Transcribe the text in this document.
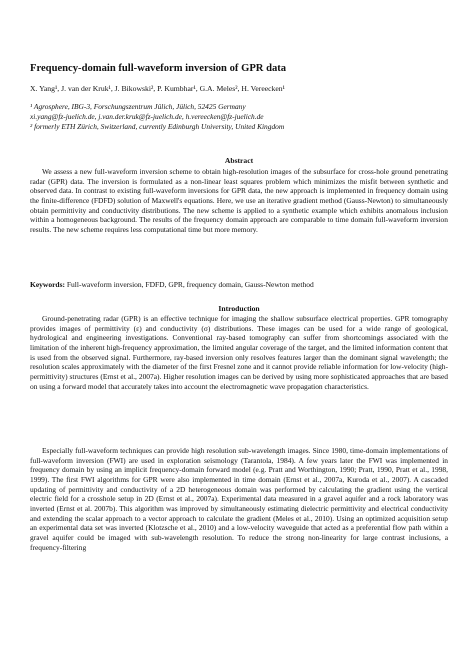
Frequency-domain full-waveform inversion of GPR data
X. Yang¹, J. van der Kruk¹, J. Bikowski², P. Kumbhar¹, G.A. Meles², H. Vereecken¹
¹ Agrosphere, IBG-3, Forschungszentrum Jülich, Jülich, 52425 Germany
xi.yang@fz-juelich.de, j.van.der.kruk@fz-juelich.de, h.vereecken@fz-juelich.de
² formerly ETH Zürich, Switzerland, currently Edinburgh University, United Kingdom
Abstract
We assess a new full-waveform inversion scheme to obtain high-resolution images of the subsurface for cross-hole ground penetrating radar (GPR) data. The inversion is formulated as a non-linear least squares problem which minimizes the misfit between synthetic and observed data. In contrast to existing full-waveform inversions for GPR data, the new approach is implemented in frequency domain using the finite-difference (FDFD) solution of Maxwell's equations. Here, we use an iterative gradient method (Gauss-Newton) to simultaneously obtain permittivity and conductivity distributions. The new scheme is applied to a synthetic example which exhibits anomalous inclusion within a homogeneous background. The results of the frequency domain approach are comparable to time domain full-waveform inversion results. The new scheme requires less computational time but more memory.
Keywords: Full-waveform inversion, FDFD, GPR, frequency domain, Gauss-Newton method
Introduction
Ground-penetrating radar (GPR) is an effective technique for imaging the shallow subsurface electrical properties. GPR tomography provides images of permittivity (ε) and conductivity (σ) distributions. These images can be used for a wide range of geological, hydrological and engineering investigations. Conventional ray-based tomography can suffer from shortcomings associated with the limitation of the inherent high-frequency approximation, the limited angular coverage of the target, and the limited information content that is used from the observed signal. Furthermore, ray-based inversion only resolves features larger than the dominant signal wavelength; the resolution scales approximately with the diameter of the first Fresnel zone and it cannot provide reliable information for low-velocity (high-permittivity) structures (Ernst et al., 2007a). Higher resolution images can be derived by using more sophisticated approaches that are based on using a forward model that accurately takes into account the electromagnetic wave propagation characteristics.
Especially full-waveform techniques can provide high resolution sub-wavelength images. Since 1980, time-domain implementations of full-waveform inversion (FWI) are used in exploration seismology (Tarantola, 1984). A few years later the FWI was implemented in frequency domain by using an implicit frequency-domain forward model (e.g. Pratt and Worthington, 1990; Pratt, 1990, Pratt et al., 1998, 1999). The first FWI algorithms for GPR were also implemented in time domain (Ernst et al., 2007a, Kuroda et al., 2007). A cascaded updating of permittivity and conductivity of a 2D heterogeneous domain was performed by calculating the gradient using the vertical electric field for a crosshole setup in 2D (Ernst et al., 2007a). Experimental data measured in a gravel aquifer and a rock laboratory was inverted (Ernst et al. 2007b). This algorithm was improved by simultaneously estimating dielectric permittivity and electrical conductivity and extending the scalar approach to a vector approach to calculate the gradient (Meles et al., 2010). Using an optimized acquisition setup an experimental data set was inverted (Klotzsche et al., 2010) and a low-velocity waveguide that acted as a preferential flow path within a gravel aquifer could be imaged with sub-wavelength resolution. To reduce the strong non-linearity for large contrast inclusions, a frequency-filtering
